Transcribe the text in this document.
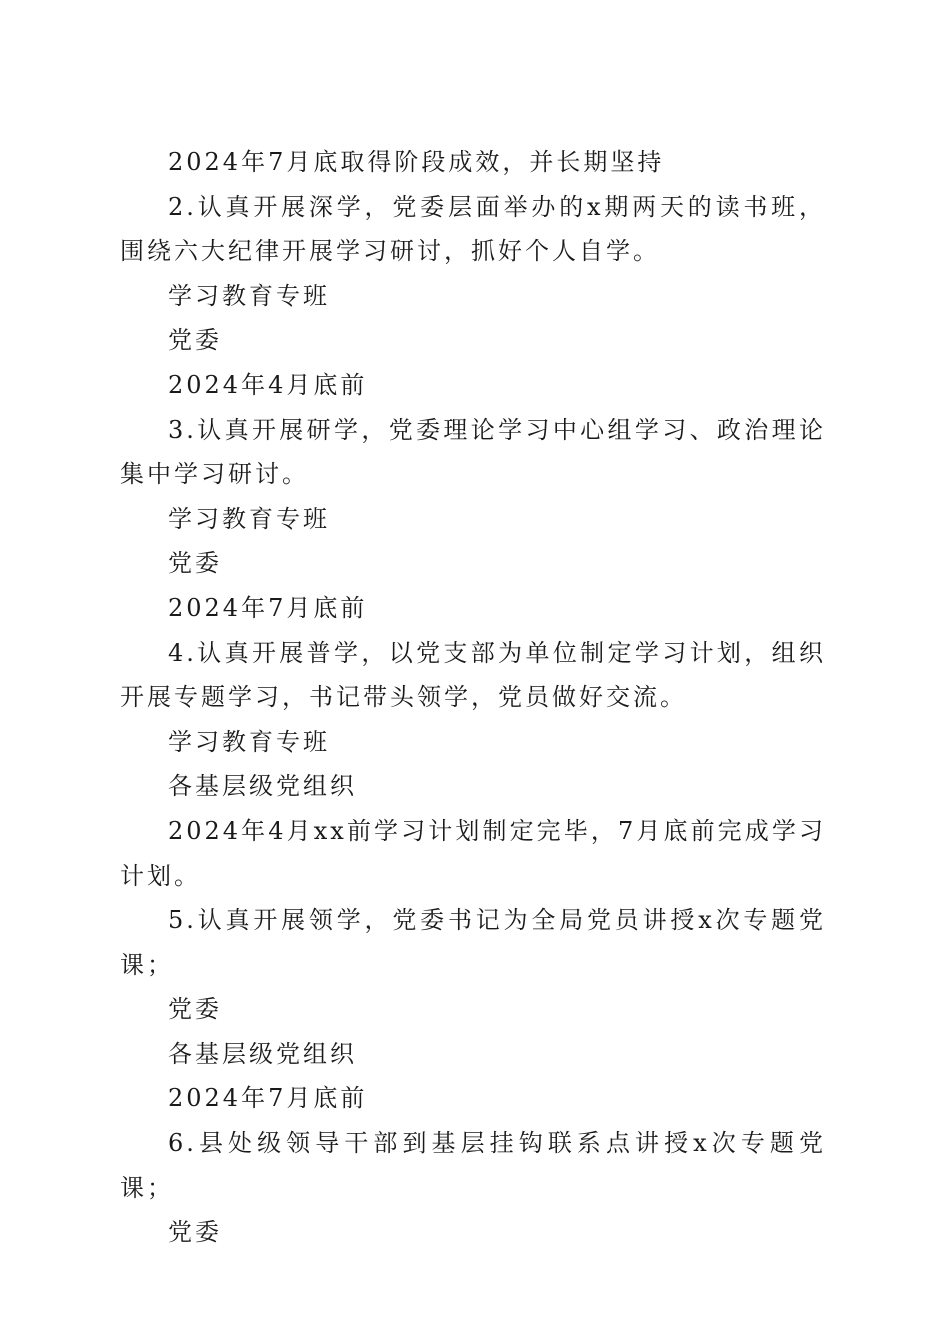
2024年7月底取得阶段成效，并长期坚持

2.认真开展深学，党委层面举办的x期两天的读书班，围绕六大纪律开展学习研讨，抓好个人自学。

学习教育专班

党委

2024年4月底前

3.认真开展研学，党委理论学习中心组学习、政治理论集中学习研讨。

学习教育专班

党委

2024年7月底前

4.认真开展普学，以党支部为单位制定学习计划，组织开展专题学习，书记带头领学，党员做好交流。

学习教育专班

各基层级党组织

2024年4月xx前学习计划制定完毕，7月底前完成学习计划。

5.认真开展领学，党委书记为全局党员讲授x次专题党课；

党委

各基层级党组织

2024年7月底前

6.县处级领导干部到基层挂钩联系点讲授x次专题党课；

党委
